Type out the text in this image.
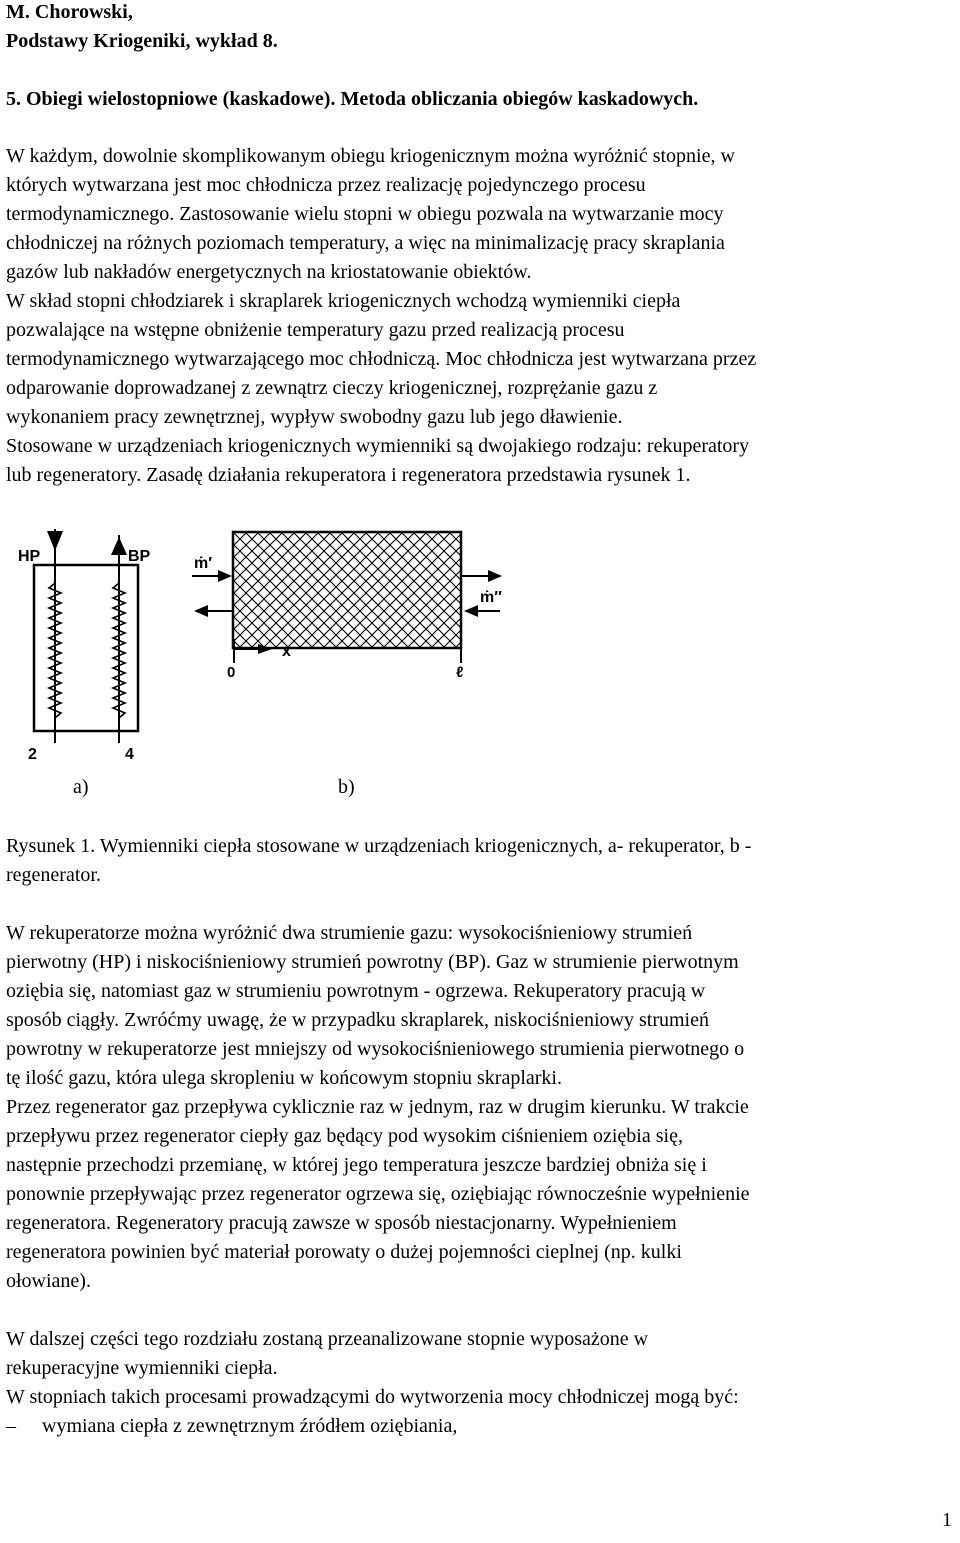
M. Chorowski,
Podstawy Kriogeniki, wykład 8.
5. Obiegi wielostopniowe (kaskadowe). Metoda obliczania obiegów kaskadowych.
W każdym, dowolnie skomplikowanym obiegu kriogenicznym można wyróżnić stopnie, w
których wytwarzana jest moc chłodnicza przez realizację pojedynczego procesu
termodynamicznego. Zastosowanie wielu stopni w obiegu pozwala na wytwarzanie mocy
chłodniczej na różnych poziomach temperatury, a więc na minimalizację pracy skraplania
gazów lub nakładów energetycznych na kriostatowanie obiektów.
W skład stopni chłodziarek i skraplarek kriogenicznych wchodzą wymienniki ciepła
pozwalające na wstępne obniżenie temperatury gazu przed realizacją procesu
termodynamicznego wytwarzającego moc chłodniczą. Moc chłodnicza jest wytwarzana przez
odparowanie doprowadzanej z zewnątrz cieczy kriogenicznej, rozprężanie gazu z
wykonaniem pracy zewnętrznej, wypływ swobodny gazu lub jego dławienie.
Stosowane w urządzeniach kriogenicznych wymienniki są dwojakiego rodzaju: rekuperatory
lub regeneratory. Zasadę działania rekuperatora i regeneratora przedstawia rysunek 1.
HP	BP
2	4
ṁ′
ṁ″
0
x
ℓ
a)	b)
Rysunek 1. Wymienniki ciepła stosowane w urządzeniach kriogenicznych, a- rekuperator, b -
regenerator.
W rekuperatorze można wyróżnić dwa strumienie gazu: wysokociśnieniowy strumień
pierwotny (HP) i niskociśnieniowy strumień powrotny (BP). Gaz w strumienie pierwotnym
oziębia się, natomiast gaz w strumieniu powrotnym - ogrzewa. Rekuperatory pracują w
sposób ciągły. Zwróćmy uwagę, że w przypadku skraplarek, niskociśnieniowy strumień
powrotny w rekuperatorze jest mniejszy od wysokociśnieniowego strumienia pierwotnego o
tę ilość gazu, która ulega skropleniu w końcowym stopniu skraplarki.
Przez regenerator gaz przepływa cyklicznie raz w jednym, raz w drugim kierunku. W trakcie
przepływu przez regenerator ciepły gaz będący pod wysokim ciśnieniem oziębia się,
następnie przechodzi przemianę, w której jego temperatura jeszcze bardziej obniża się i
ponownie przepływając przez regenerator ogrzewa się, oziębiając równocześnie wypełnienie
regeneratora. Regeneratory pracują zawsze w sposób niestacjonarny. Wypełnieniem
regeneratora powinien być materiał porowaty o dużej pojemności cieplnej (np. kulki
ołowiane).
W dalszej części tego rozdziału zostaną przeanalizowane stopnie wyposażone w
rekuperacyjne wymienniki ciepła.
W stopniach takich procesami prowadzącymi do wytworzenia mocy chłodniczej mogą być:
– wymiana ciepła z zewnętrznym źródłem oziębiania,
1
